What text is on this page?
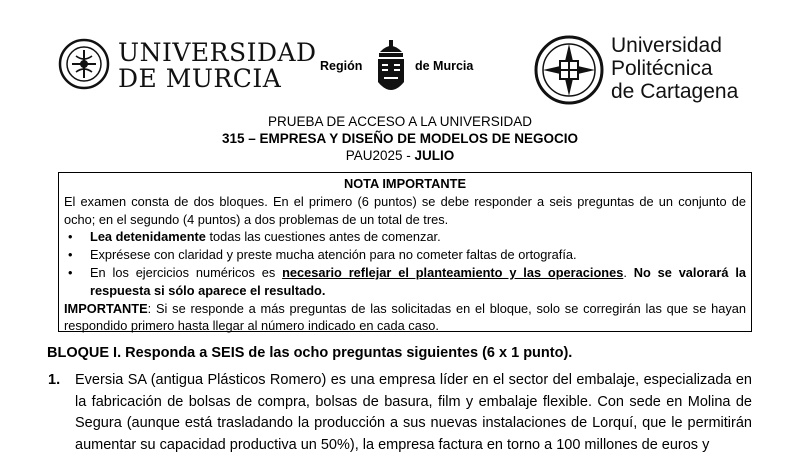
UNIVERSIDAD
DE MURCIA	Región	de Murcia
Universidad
Politécnica
de Cartagena
PRUEBA DE ACCESO A LA UNIVERSIDAD
315 – EMPRESA Y DISEÑO DE MODELOS DE NEGOCIO
PAU2025 - JULIO
NOTA IMPORTANTE
El examen consta de dos bloques. En el primero (6 puntos) se debe responder a seis preguntas de un conjunto de ocho; en el segundo (4 puntos) a dos problemas de un total de tres.
• Lea detenidamente todas las cuestiones antes de comenzar.
• Exprésese con claridad y preste mucha atención para no cometer faltas de ortografía.
• En los ejercicios numéricos es necesario reflejar el planteamiento y las operaciones. No se valorará la respuesta si sólo aparece el resultado.
IMPORTANTE: Si se responde a más preguntas de las solicitadas en el bloque, solo se corregirán las que se hayan respondido primero hasta llegar al número indicado en cada caso.
BLOQUE I. Responda a SEIS de las ocho preguntas siguientes (6 x 1 punto).
1. Eversia SA (antigua Plásticos Romero) es una empresa líder en el sector del embalaje, especializada en la fabricación de bolsas de compra, bolsas de basura, film y embalaje flexible. Con sede en Molina de Segura (aunque está trasladando la producción a sus nuevas instalaciones de Lorquí, que le permitirán aumentar su capacidad productiva un 50%), la empresa factura en torno a 100 millones de euros y
